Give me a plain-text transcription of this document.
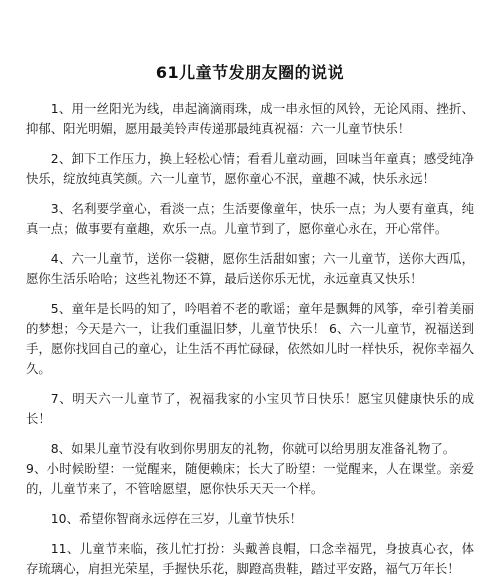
61儿童节发朋友圈的说说

1、用一丝阳光为线，串起滴滴雨珠，成一串永恒的风铃，无论风雨、挫折、抑郁、阳光明媚，愿用最美铃声传递那最纯真祝福：六一儿童节快乐！

2、卸下工作压力，换上轻松心情；看看儿童动画，回味当年童真；感受纯净快乐，绽放纯真笑颜。六一儿童节，愿你童心不泯，童趣不减，快乐永远！

3、名利要学童心，看淡一点；生活要像童年，快乐一点；为人要有童真，纯真一点；做事要有童趣，欢乐一点。儿童节到了，愿你童心永在，开心常伴。

4、六一儿童节，送你一袋糖，愿你生活甜如蜜；六一儿童节，送你大西瓜，愿你生活乐哈哈；这些礼物还不算，最后送你乐无忧，永远童真又快乐！

5、童年是长吗的知了，吟唱着不老的歌谣；童年是飘舞的风筝，牵引着美丽的梦想；今天是六一，让我们重温旧梦，儿童节快乐！ 6、六一儿童节，祝福送到手，愿你找回自己的童心，让生活不再忙碌碌，依然如儿时一样快乐，祝你幸福久久。

7、明天六一儿童节了，祝福我家的小宝贝节日快乐！愿宝贝健康快乐的成长！

8、如果儿童节没有收到你男朋友的礼物，你就可以给男朋友准备礼物了。

9、小时候盼望：一觉醒来，随便赖床；长大了盼望：一觉醒来，人在课堂。亲爱的，儿童节来了，不管啥愿望，愿你快乐天天一个样。

10、希望你智商永远停在三岁，儿童节快乐！

11、儿童节来临，孩儿忙打扮：头戴善良帽，口念幸福咒，身披真心衣，体存琉璃心，肩担光荣星，手握快乐花，脚蹬高贵鞋，踏过平安路，福气万年长！
